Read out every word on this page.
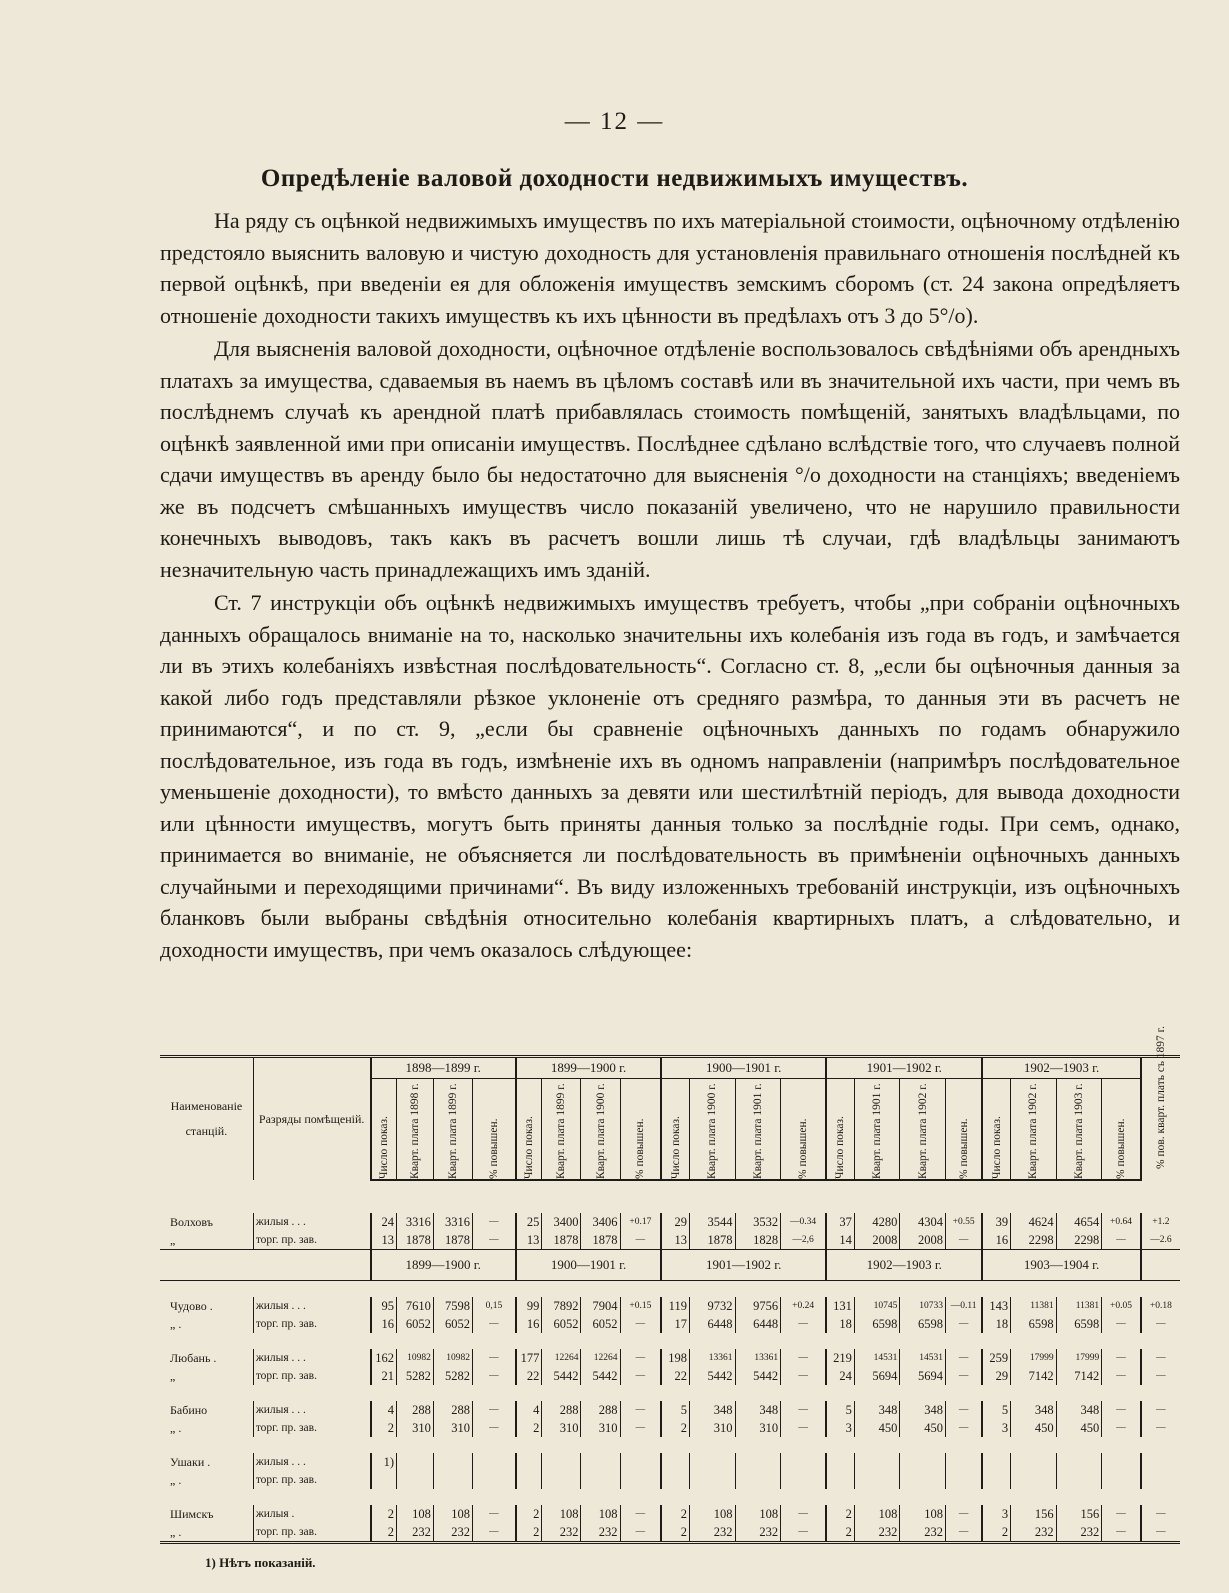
— 12 —
Опредѣленіе валовой доходности недвижимыхъ имуществъ.

На ряду съ оцѣнкой недвижимыхъ имуществъ по ихъ матеріальной стоимости, оцѣночному отдѣленію предстояло выяснить валовую и чистую доходность для установленія правильнаго отношенія послѣдней къ первой оцѣнкѣ, при введеніи ея для обложенія имуществъ земскимъ сборомъ (ст. 24 закона опредѣляетъ отношеніе доходности такихъ имуществъ къ ихъ цѣнности въ предѣлахъ отъ 3 до 5°/о).

Для выясненія валовой доходности, оцѣночное отдѣленіе воспользовалось свѣдѣніями объ арендныхъ платахъ за имущества, сдаваемыя въ наемъ въ цѣломъ составѣ или въ значительной ихъ части, при чемъ въ послѣднемъ случаѣ къ арендной платѣ прибавлялась стоимость помѣщеній, занятыхъ владѣльцами, по оцѣнкѣ заявленной ими при описаніи имуществъ. Послѣднее сдѣлано вслѣдствіе того, что случаевъ полной сдачи имуществъ въ аренду было бы недостаточно для выясненія °/о доходности на станціяхъ; введеніемъ же въ подсчетъ смѣшанныхъ имуществъ число показаній увеличено, что не нарушило правильности конечныхъ выводовъ, такъ какъ въ расчетъ вошли лишь тѣ случаи, гдѣ владѣльцы занимаютъ незначительную часть принадлежащихъ имъ зданій.

Ст. 7 инструкціи объ оцѣнкѣ недвижимыхъ имуществъ требуетъ, чтобы „при собраніи оцѣночныхъ данныхъ обращалось вниманіе на то, насколько значительны ихъ колебанія изъ года въ годъ, и замѣчается ли въ этихъ колебаніяхъ извѣстная послѣдовательность“. Согласно ст. 8, „если бы оцѣночныя данныя за какой либо годъ представляли рѣзкое уклоненіе отъ средняго размѣра, то данныя эти въ расчетъ не принимаются“, и по ст. 9, „если бы сравненіе оцѣночныхъ данныхъ по годамъ обнаружило послѣдовательное, изъ года въ годъ, измѣненіе ихъ въ одномъ направленіи (напримѣръ послѣдовательное уменьшеніе доходности), то вмѣсто данныхъ за девяти или шестилѣтній періодъ, для вывода доходности или цѣнности имуществъ, могутъ быть приняты данныя только за послѣдніе годы. При семъ, однако, принимается во вниманіе, не объясняется ли послѣдовательность въ примѣненіи оцѣночныхъ данныхъ случайными и переходящими причинами“. Въ виду изложенныхъ требованій инструкціи, изъ оцѣночныхъ бланковъ были выбраны свѣдѣнія относительно колебанія квартирныхъ платъ, а слѣдовательно, и доходности имуществъ, при чемъ оказалось слѣдующее:

Наименованіе станцій.	Разряды помѣщеній.	1898—1899 г.				1899—1900 г.				1900—1901 г.				1901—1902 г.				1902—1903 г.				% пов. кварт. плать съ 1897 г.

		Число показ.	Кварт. плата 1898 г.	Кварт. плата 1899 г.	% повышен.	Число показ.	Кварт. плата 1899 г.	Кварт. плата 1900 г.	% повышен.	Число показ.	Кварт. плата 1900 г.	Кварт. плата 1901 г.	% повышен.	Число показ.	Кварт. плата 1901 г.	Кварт. плата 1902 г.	% повышен.	Число показ.	Кварт. плата 1902 г.	Кварт. плата 1903 г.	% повышен.	

Волховъ	жилыя . . .	24	3316	3316	—	25	3400	3406	+0.17	29	3544	3532	—0.34	37	4280	4304	+0.55	39	4624	4654	+0.64	+1.2
„	торг. пр. зав.	13	1878	1878	—	13	1878	1878	—	13	1878	1828	—2,6	14	2008	2008	—	16	2298	2298	—	—2.6
		1899—1900 г.				1900—1901 г.				1901—1902 г.				1902—1903 г.				1903—1904 г.				

Чудово .	жилыя . . .	95	7610	7598	0,15	99	7892	7904	+0.15	119	9732	9756	+0.24	131	10745	10733	—0.11	143	11381	11381	+0.05	+0.18
„ .	торг. пр. зав.	16	6052	6052	—	16	6052	6052	—	17	6448	6448	—	18	6598	6598	—	18	6598	6598	—	—

Любань .	жилыя . . .	162	10982	10982	—	177	12264	12264	—	198	13361	13361	—	219	14531	14531	—	259	17999	17999	—	—
„	торг. пр. зав.	21	5282	5282	—	22	5442	5442	—	22	5442	5442	—	24	5694	5694	—	29	7142	7142	—	—

Бабино	жилыя . . .	4	288	288	—	4	288	288	—	5	348	348	—	5	348	348	—	5	348	348	—	—
„ .	торг. пр. зав.	2	310	310	—	2	310	310	—	2	310	310	—	3	450	450	—	3	450	450	—	—

Ушаки .	жилыя . . .	1)																				
„ .	торг. пр. зав.																					

Шимскъ	жилыя .	2	108	108	—	2	108	108	—	2	108	108	—	2	108	108	—	3	156	156	—	—
„ .	торг. пр. зав.	2	232	232	—	2	232	232	—	2	232	232	—	2	232	232	—	2	232	232	—	—
1) Нѣтъ показаній.
